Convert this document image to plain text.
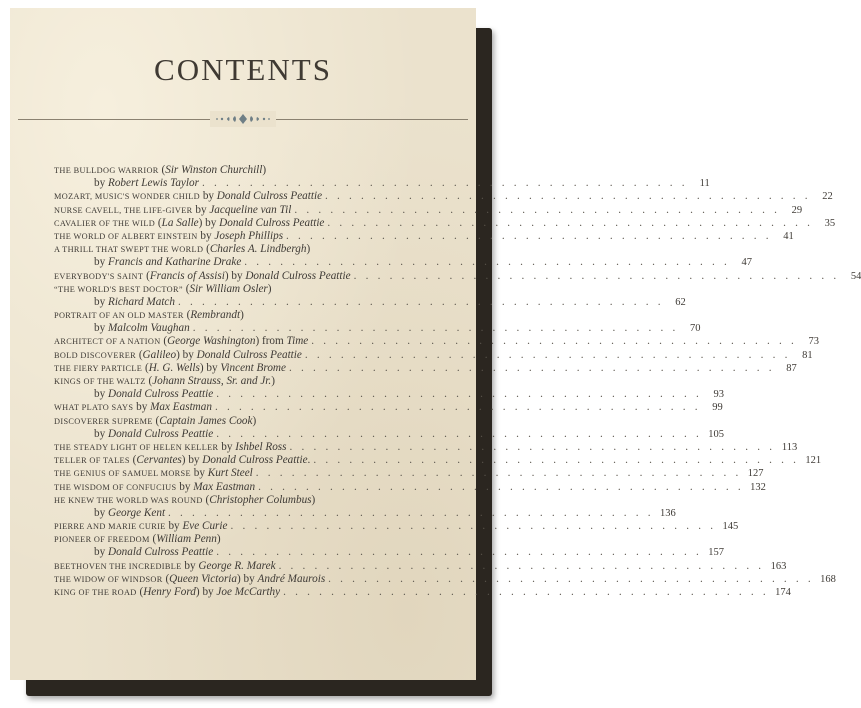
CONTENTS
THE BULLDOG WARRIOR (Sir Winston Churchill)
by Robert Lewis Taylor . . . . . . . . . . . . . . . . . . . . . . . . . . . . . . . . . . . . . . . . .	11
MOZART, MUSIC'S WONDER CHILD by Donald Culross Peattie . . . . . . . . . . . . . . . . . . . . . . . . . . . . . . . . . . . . . . . . .	22
NURSE CAVELL, THE LIFE-GIVER by Jacqueline van Til . . . . . . . . . . . . . . . . . . . . . . . . . . . . . . . . . . . . . . . . .	29
CAVALIER OF THE WILD (La Salle) by Donald Culross Peattie . . . . . . . . . . . . . . . . . . . . . . . . . . . . . . . . . . . . . . . . .	35
THE WORLD OF ALBERT EINSTEIN by Joseph Phillips . . . . . . . . . . . . . . . . . . . . . . . . . . . . . . . . . . . . . . . . .	41
A THRILL THAT SWEPT THE WORLD (Charles A. Lindbergh)
by Francis and Katharine Drake . . . . . . . . . . . . . . . . . . . . . . . . . . . . . . . . . . . . . . . . .	47
EVERYBODY'S SAINT (Francis of Assisi) by Donald Culross Peattie . . . . . . . . . . . . . . . . . . . . . . . . . . . . . . . . . . . . . . . . .	54
“THE WORLD'S BEST DOCTOR” (Sir William Osler)
by Richard Match . . . . . . . . . . . . . . . . . . . . . . . . . . . . . . . . . . . . . . . . .	62
PORTRAIT OF AN OLD MASTER (Rembrandt)
by Malcolm Vaughan . . . . . . . . . . . . . . . . . . . . . . . . . . . . . . . . . . . . . . . . .	70
ARCHITECT OF A NATION (George Washington) from Time . . . . . . . . . . . . . . . . . . . . . . . . . . . . . . . . . . . . . . . . .	73
BOLD DISCOVERER (Galileo) by Donald Culross Peattie . . . . . . . . . . . . . . . . . . . . . . . . . . . . . . . . . . . . . . . . .	81
THE FIERY PARTICLE (H. G. Wells) by Vincent Brome . . . . . . . . . . . . . . . . . . . . . . . . . . . . . . . . . . . . . . . . .	87
KINGS OF THE WALTZ (Johann Strauss, Sr. and Jr.)
by Donald Culross Peattie . . . . . . . . . . . . . . . . . . . . . . . . . . . . . . . . . . . . . . . . .	93
WHAT PLATO SAYS by Max Eastman . . . . . . . . . . . . . . . . . . . . . . . . . . . . . . . . . . . . . . . . .	99
DISCOVERER SUPREME (Captain James Cook)
by Donald Culross Peattie . . . . . . . . . . . . . . . . . . . . . . . . . . . . . . . . . . . . . . . . . 105
THE STEADY LIGHT OF HELEN KELLER by Ishbel Ross . . . . . . . . . . . . . . . . . . . . . . . . . . . . . . . . . . . . . . . . . 113
TELLER OF TALES (Cervantes) by Donald Culross Peattie. . . . . . . . . . . . . . . . . . . . . . . . . . . . . . . . . . . . . . . . . . 121
THE GENIUS OF SAMUEL MORSE by Kurt Steel . . . . . . . . . . . . . . . . . . . . . . . . . . . . . . . . . . . . . . . . . 127
THE WISDOM OF CONFUCIUS by Max Eastman . . . . . . . . . . . . . . . . . . . . . . . . . . . . . . . . . . . . . . . . . 132
HE KNEW THE WORLD WAS ROUND (Christopher Columbus)
by George Kent . . . . . . . . . . . . . . . . . . . . . . . . . . . . . . . . . . . . . . . . . 136
PIERRE AND MARIE CURIE by Eve Curie . . . . . . . . . . . . . . . . . . . . . . . . . . . . . . . . . . . . . . . . . 145
PIONEER OF FREEDOM (William Penn)
by Donald Culross Peattie . . . . . . . . . . . . . . . . . . . . . . . . . . . . . . . . . . . . . . . . . 157
BEETHOVEN THE INCREDIBLE by George R. Marek . . . . . . . . . . . . . . . . . . . . . . . . . . . . . . . . . . . . . . . . . 163
THE WIDOW OF WINDSOR (Queen Victoria) by André Maurois . . . . . . . . . . . . . . . . . . . . . . . . . . . . . . . . . . . . . . . . . 168
KING OF THE ROAD (Henry Ford) by Joe McCarthy . . . . . . . . . . . . . . . . . . . . . . . . . . . . . . . . . . . . . . . . . 174
